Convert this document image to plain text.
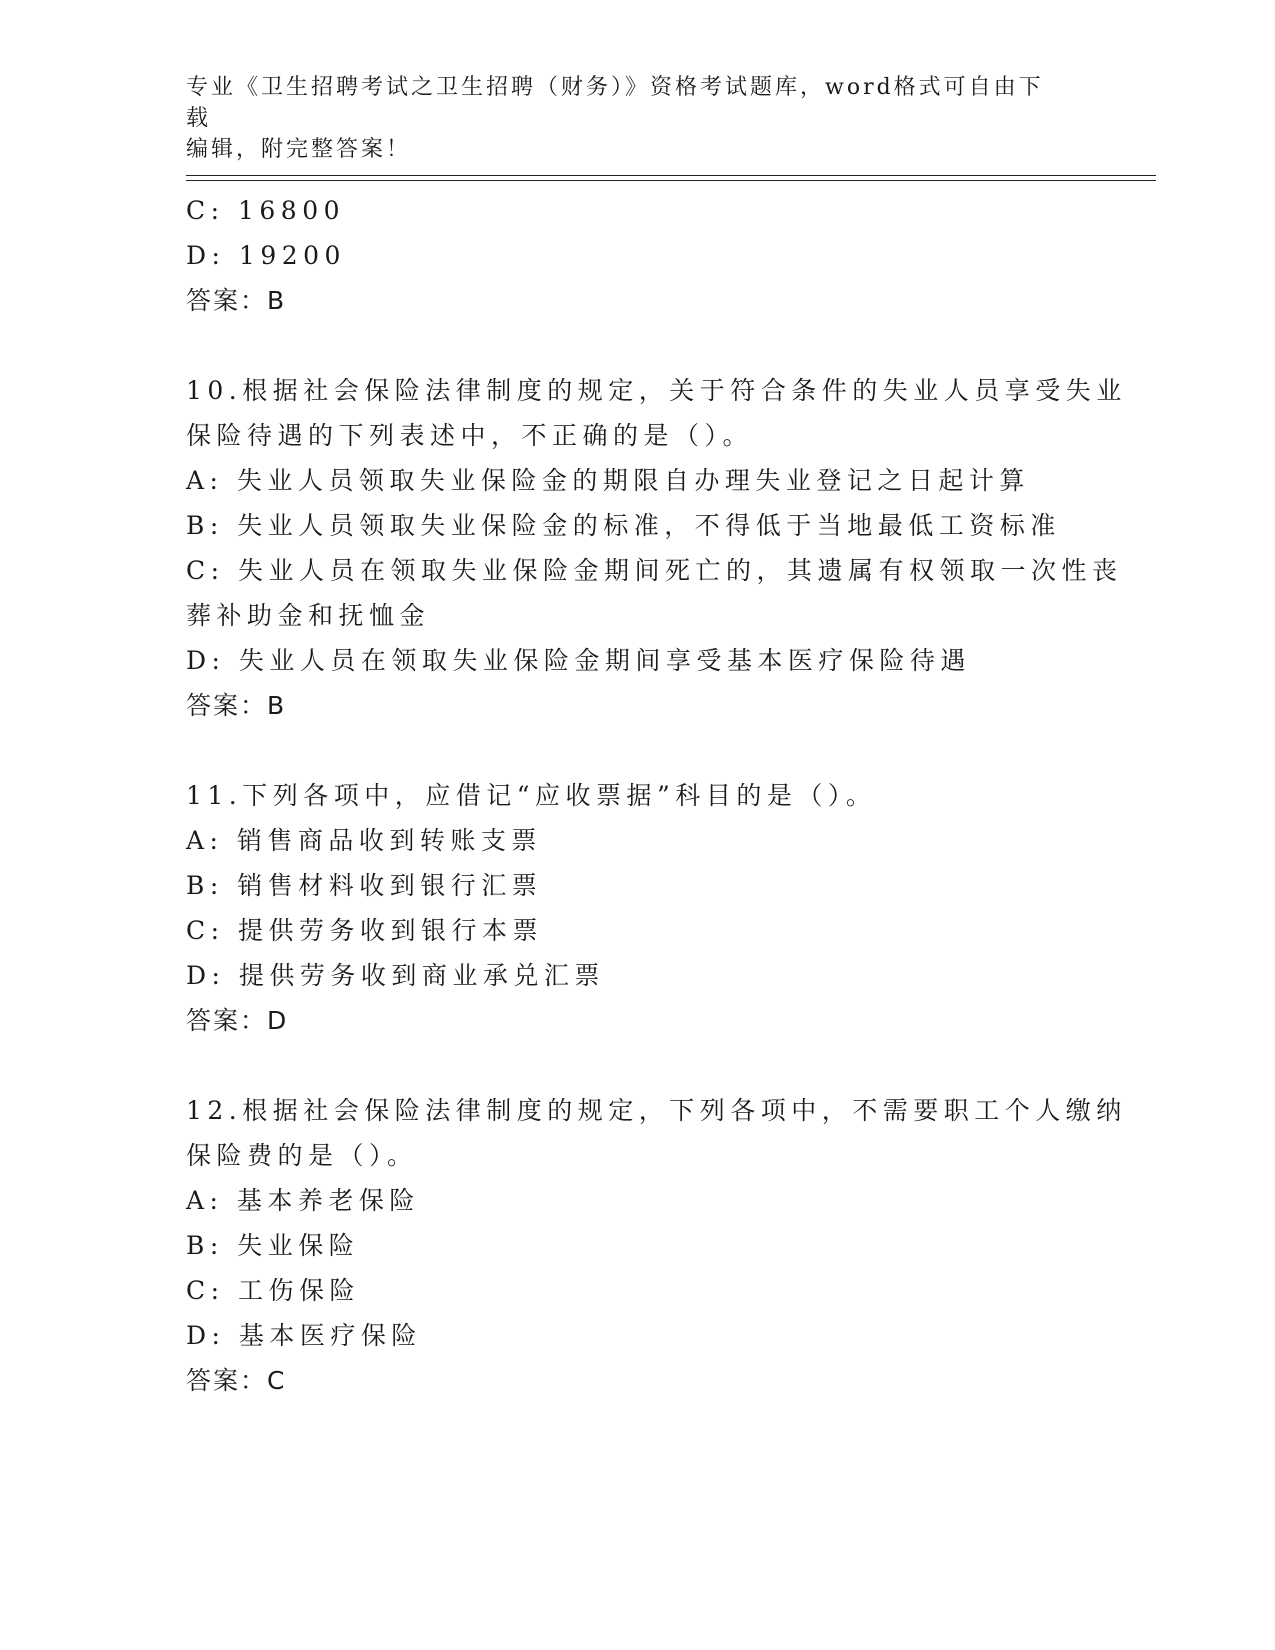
专业《卫生招聘考试之卫生招聘（财务）》资格考试题库，word格式可自由下载
编辑，附完整答案！
C: 16800
D: 19200
答案：B
10.根据社会保险法律制度的规定，关于符合条件的失业人员享受失业
保险待遇的下列表述中，不正确的是（）。
A: 失业人员领取失业保险金的期限自办理失业登记之日起计算
B: 失业人员领取失业保险金的标准，不得低于当地最低工资标准
C: 失业人员在领取失业保险金期间死亡的，其遗属有权领取一次性丧
葬补助金和抚恤金
D: 失业人员在领取失业保险金期间享受基本医疗保险待遇
答案：B
11.下列各项中，应借记“应收票据”科目的是（）。
A: 销售商品收到转账支票
B: 销售材料收到银行汇票
C: 提供劳务收到银行本票
D: 提供劳务收到商业承兑汇票
答案：D
12.根据社会保险法律制度的规定，下列各项中，不需要职工个人缴纳
保险费的是（）。
A: 基本养老保险
B: 失业保险
C: 工伤保险
D: 基本医疗保险
答案：C
